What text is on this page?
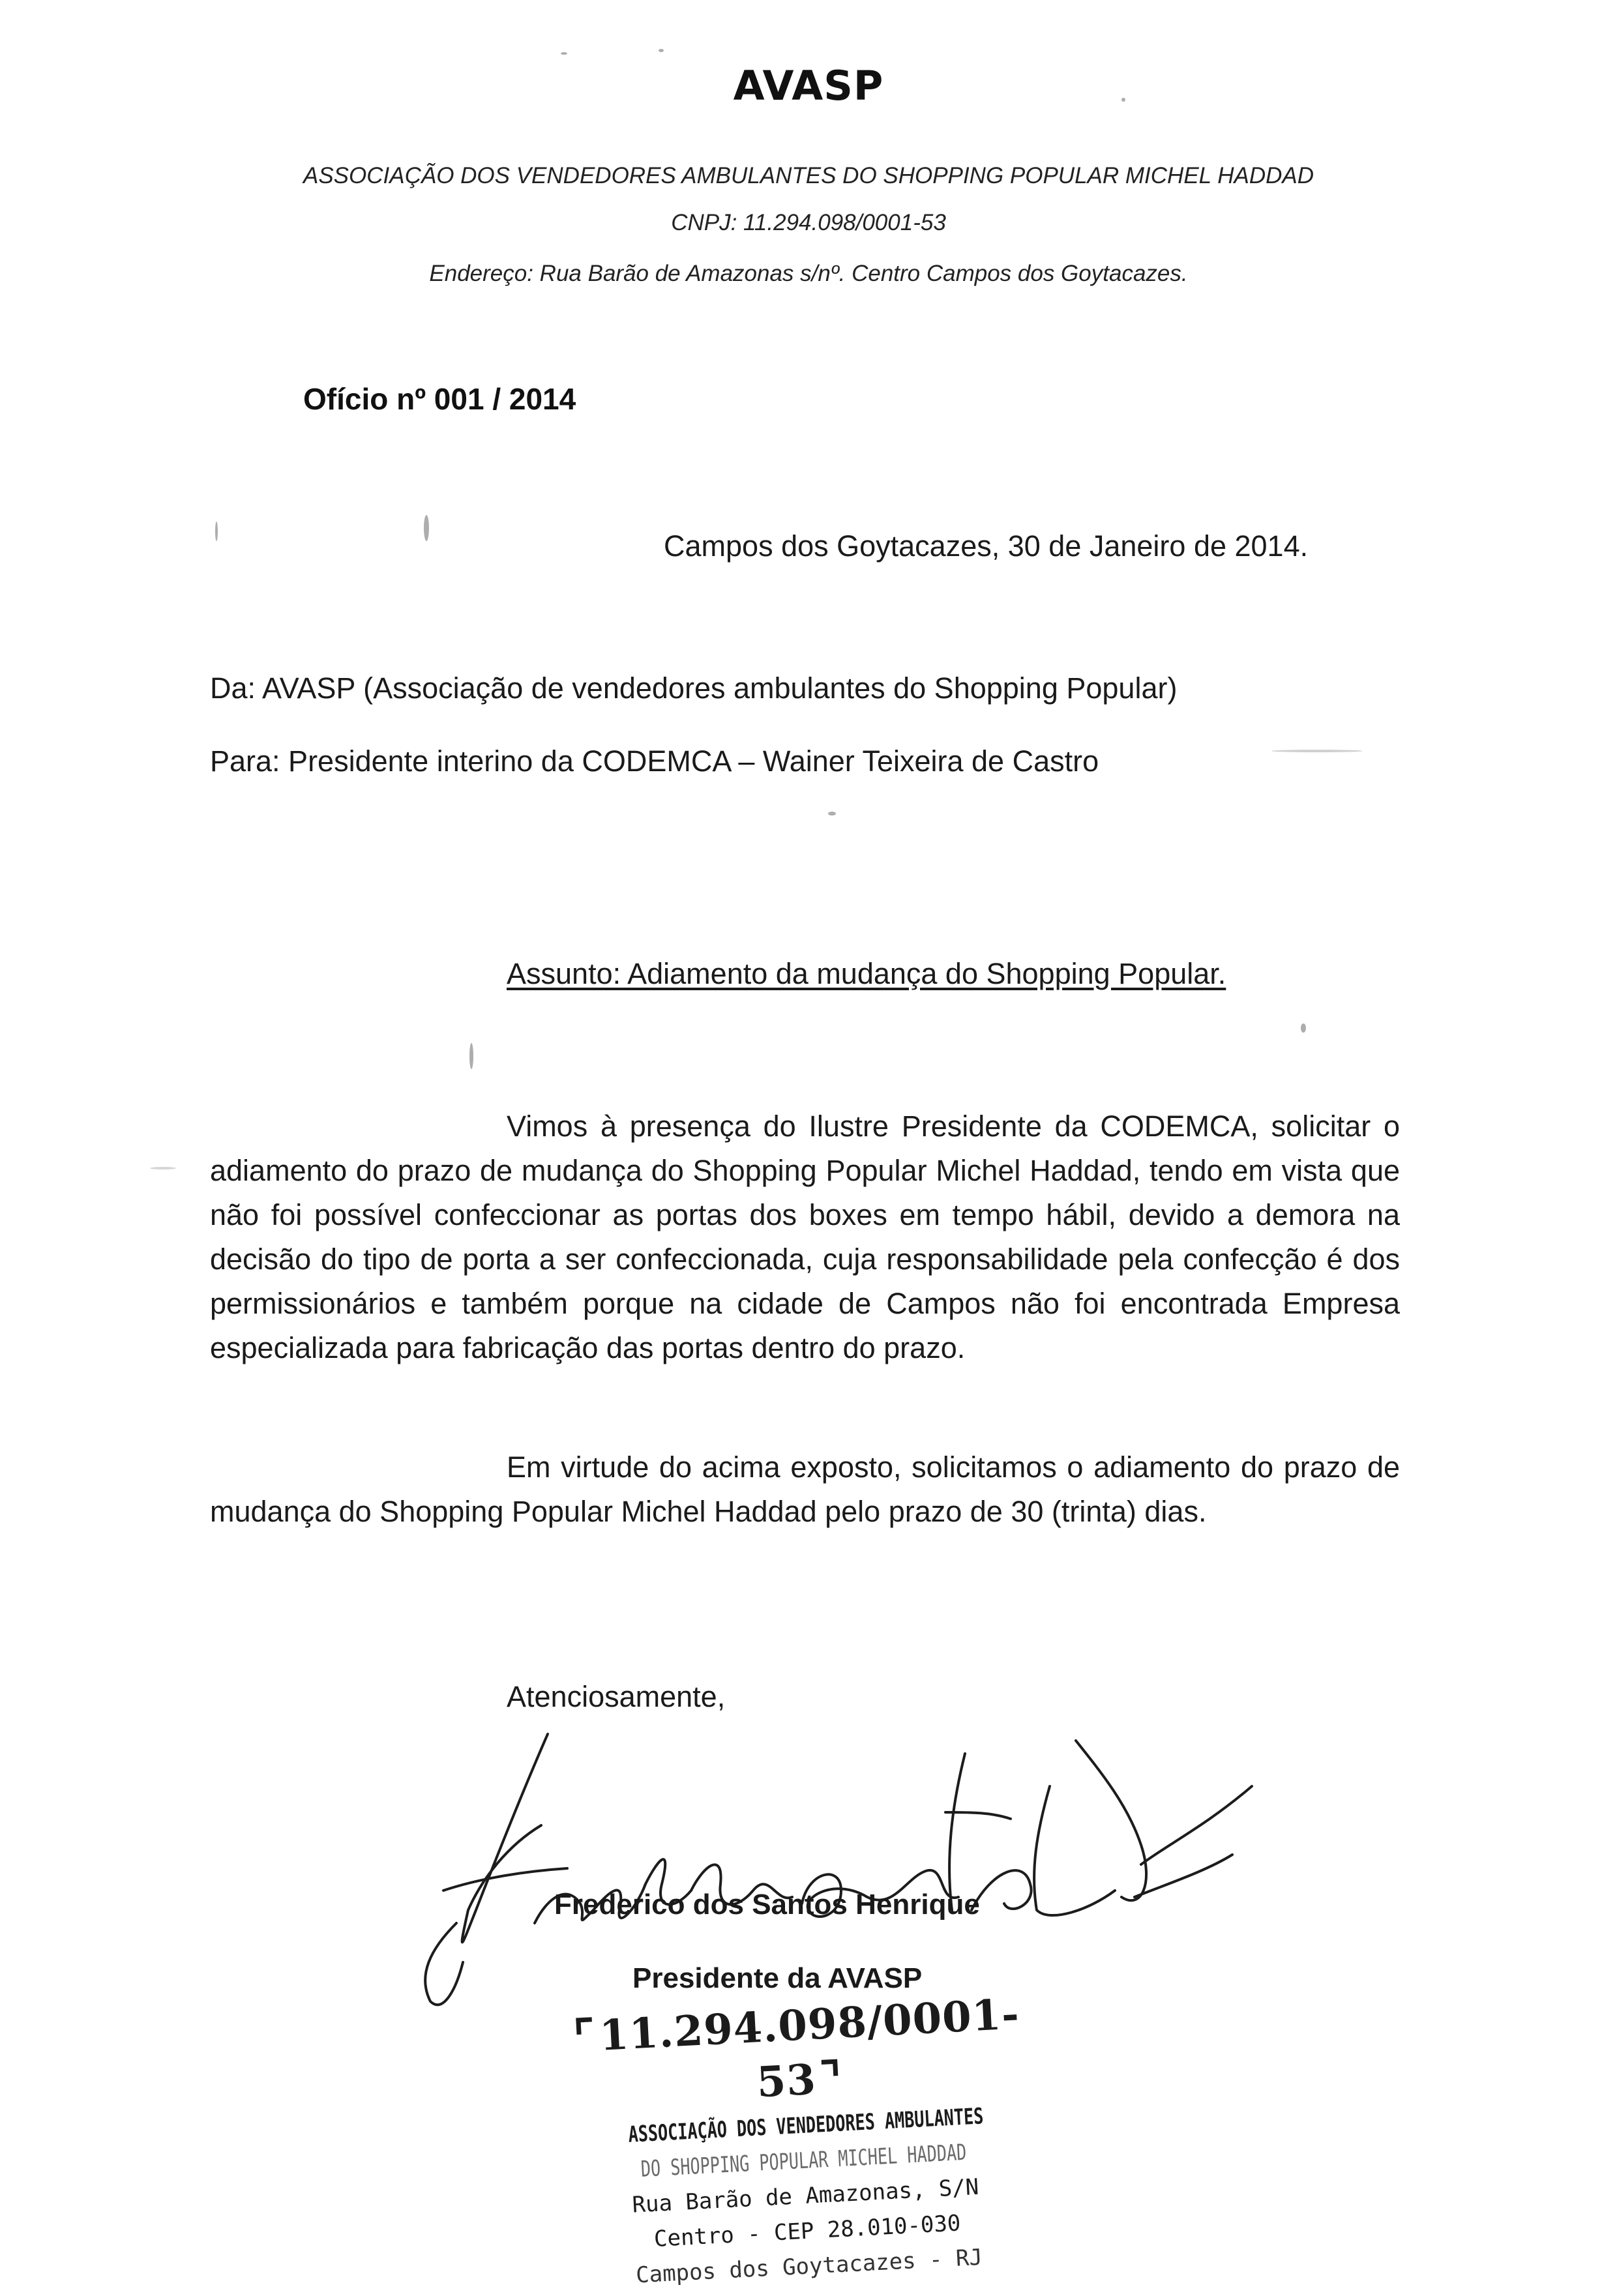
AVASP
ASSOCIAÇÃO DOS VENDEDORES AMBULANTES DO SHOPPING POPULAR MICHEL HADDAD
CNPJ: 11.294.098/0001-53
Endereço: Rua Barão de Amazonas s/nº. Centro Campos dos Goytacazes.
Ofício nº 001 / 2014
Campos dos Goytacazes, 30 de Janeiro de 2014.
Da: AVASP (Associação de vendedores ambulantes do Shopping Popular)
Para: Presidente interino da CODEMCA – Wainer Teixeira de Castro
Assunto: Adiamento da mudança do Shopping Popular.

Vimos à presença do Ilustre Presidente da CODEMCA, solicitar o adiamento do prazo de mudança do Shopping Popular Michel Haddad, tendo em vista que não foi possível confeccionar as portas dos boxes em tempo hábil, devido a demora na decisão do tipo de porta a ser confeccionada, cuja responsabilidade pela confecção é dos permissionários e também porque na cidade de Campos não foi encontrada Empresa especializada para fabricação das portas dentro do prazo.

Em virtude do acima exposto, solicitamos o adiamento do prazo de mudança do Shopping Popular Michel Haddad pelo prazo de 30 (trinta) dias.

Atenciosamente,
Frederico dos Santos Henrique
Presidente da AVASP
⌜11.294.098/0001-53⌝
ASSOCIAÇÃO DOS VENDEDORES AMBULANTES
DO SHOPPING POPULAR MICHEL HADDAD
Rua Barão de Amazonas, S/N
Centro - CEP 28.010-030
Campos dos Goytacazes - RJ
